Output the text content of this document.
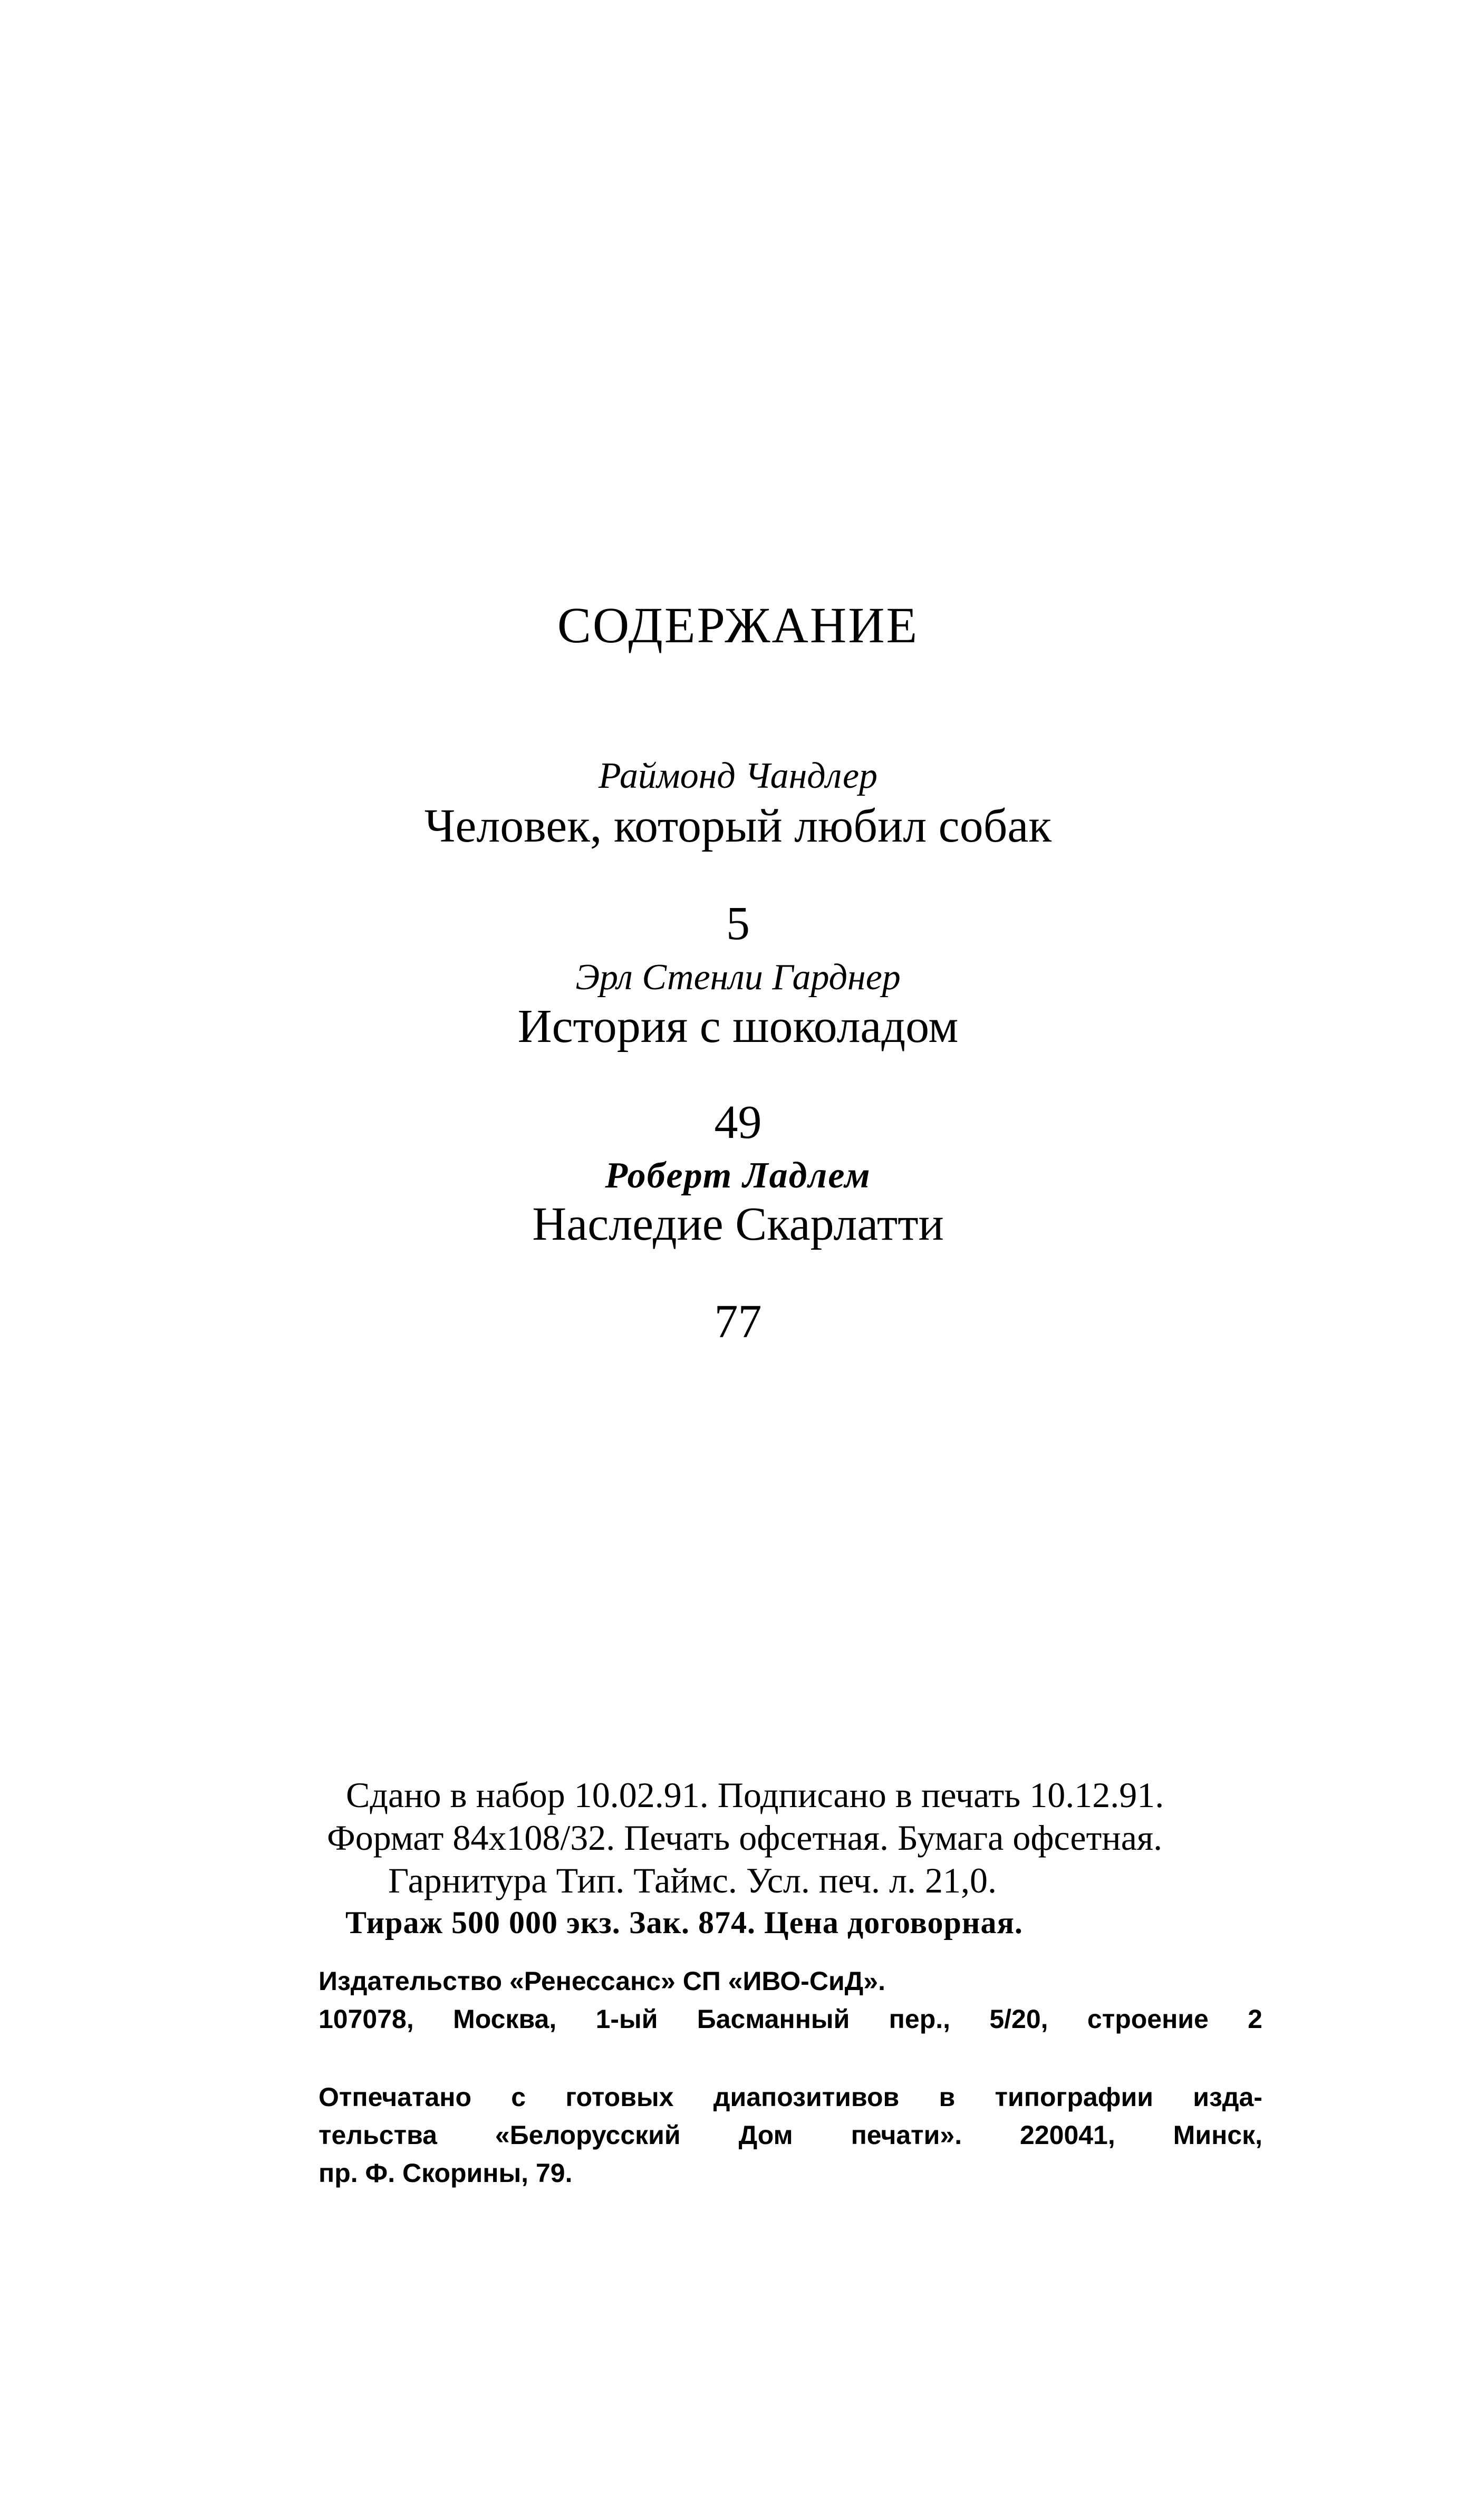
СОДЕРЖАНИЕ
Раймонд Чандлер
Человек, который любил собак
5
Эрл Стенли Гарднер
История с шоколадом
49
Роберт Ладлем
Наследие Скарлатти
77
Сдано в набор 10.02.91. Подписано в печать 10.12.91.
Формат 84х108/32. Печать офсетная. Бумага офсетная.
Гарнитура Тип. Таймс. Усл. печ. л. 21,0.
Тираж 500 000 экз. Зак. 874. Цена договорная.
Издательство «Ренессанс» СП «ИВО-СиД».
107078, Москва, 1-ый Басманный пер., 5/20, строение 2
Отпечатано с готовых диапозитивов в типографии изда-
тельства «Белорусский Дом печати». 220041, Минск,
пр. Ф. Скорины, 79.
